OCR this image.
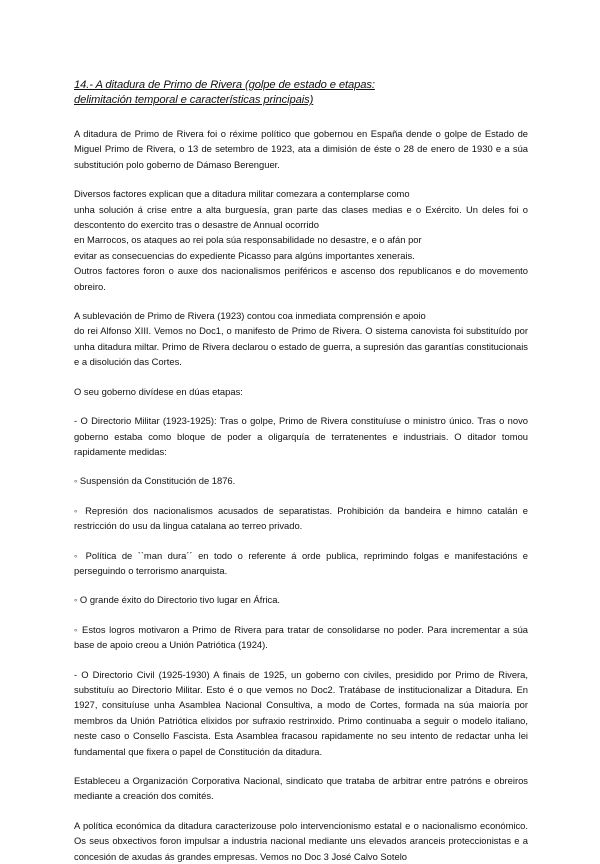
14.- A ditadura de Primo de Rivera (golpe de estado e etapas:
delimitación temporal e características principais)

A ditadura de Primo de Rivera foi o réxime político que gobernou en España dende o golpe de Estado de Miguel Primo de Rivera, o 13 de setembro de 1923, ata a dimisión de éste o 28 de enero de 1930 e a súa substitución polo goberno de Dámaso Berenguer.

Diversos factores explican que a ditadura militar comezara a contemplarse como
unha solución á crise entre a alta burguesía, gran parte das clases medias e o Exército. Un deles foi o descontento do exercito tras o desastre de Annual ocorrido
en Marrocos, os ataques ao rei pola súa responsabilidade no desastre, e o afán por
evitar as consecuencias do expediente Picasso para algúns importantes xenerais.
Outros factores foron o auxe dos nacionalismos periféricos e ascenso dos republicanos e do movemento obreiro.

A sublevación de Primo de Rivera (1923) contou coa inmediata comprensión e apoio
do rei Alfonso XIII. Vemos no Doc1, o manifesto de Primo de Rivera. O sistema canovista foi substituído por unha ditadura miltar. Primo de Rivera declarou o estado de guerra, a supresión das garantías constitucionais e a disolución das Cortes.

O seu goberno divídese en dúas etapas:

- O Directorio Militar (1923-1925): Tras o golpe, Primo de Rivera constituíuse o ministro único. Tras o novo goberno estaba como bloque de poder a oligarquía de terratenentes e industriais. O ditador tomou rapidamente medidas:

◦ Suspensión da Constitución de 1876.

◦ Represión dos nacionalismos acusados de separatistas. Prohibición da bandeira e himno catalán e restricción do usu da lingua catalana ao terreo privado.

◦ Política de ``man dura´´ en todo o referente á orde publica, reprimindo folgas e manifestacións e perseguindo o terrorismo anarquista.

◦ O grande éxito do Directorio tivo lugar en África.

◦ Estos logros motivaron a Primo de Rivera para tratar de consolidarse no poder. Para incrementar a súa base de apoio creou a Unión Patriótica (1924).

- O Directorio Civil (1925-1930) A finais de 1925, un goberno con civiles, presidido por Primo de Rivera, substituíu ao Directorio Militar. Esto é o que vemos no Doc2. Tratábase de institucionalizar a Ditadura. En 1927, consituíuse unha Asamblea Nacional Consultiva, a modo de Cortes, formada na súa maioría por membros da Unión Patriótica elixidos por sufraxio restrinxido. Primo continuaba a seguir o modelo italiano, neste caso o Consello Fascista. Esta Asamblea fracasou rapidamente no seu intento de redactar unha lei fundamental que fixera o papel de Constitución da ditadura.

Estableceu a Organización Corporativa Nacional, sindicato que trataba de arbitrar entre patróns e obreiros mediante a creación dos comités.

A política económica da ditadura caracterizouse polo intervencionismo estatal e o nacionalismo económico. Os seus obxectivos foron impulsar a industria nacional mediante uns elevados aranceis proteccionistas e a concesión de axudas ás grandes empresas. Vemos no Doc 3 José Calvo Sotelo
